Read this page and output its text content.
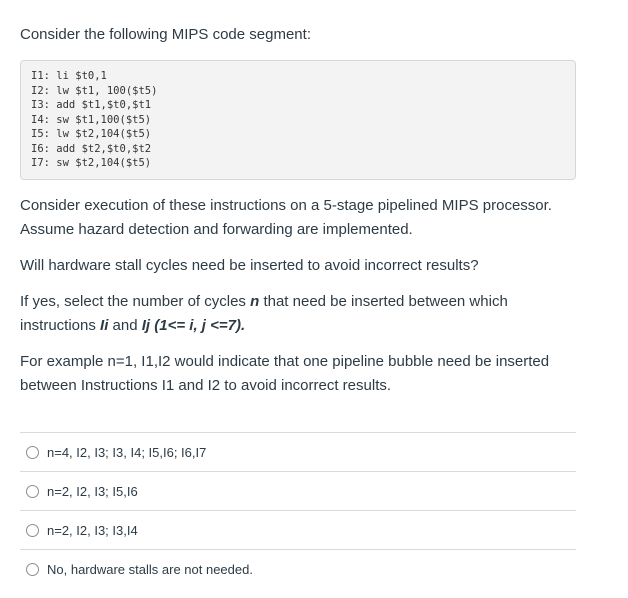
Consider the following MIPS code segment:

I1: li $t0,1
I2: lw $t1, 100($t5)
I3: add $t1,$t0,$t1
I4: sw $t1,100($t5)
I5: lw $t2,104($t5)
I6: add $t2,$t0,$t2
I7: sw $t2,104($t5)

Consider execution of these instructions on a 5-stage pipelined MIPS processor. Assume hazard detection and forwarding are implemented.

Will hardware stall cycles need be inserted to avoid incorrect results?

If yes, select the number of cycles n that need be inserted between which instructions Ii and Ij (1<= i, j <=7).

For example n=1, I1,I2 would indicate that one pipeline bubble need be inserted between Instructions I1 and I2 to avoid incorrect results.

n=4, I2, I3; I3, I4; I5,I6; I6,I7
n=2, I2, I3; I5,I6
n=2, I2, I3; I3,I4
No, hardware stalls are not needed.
